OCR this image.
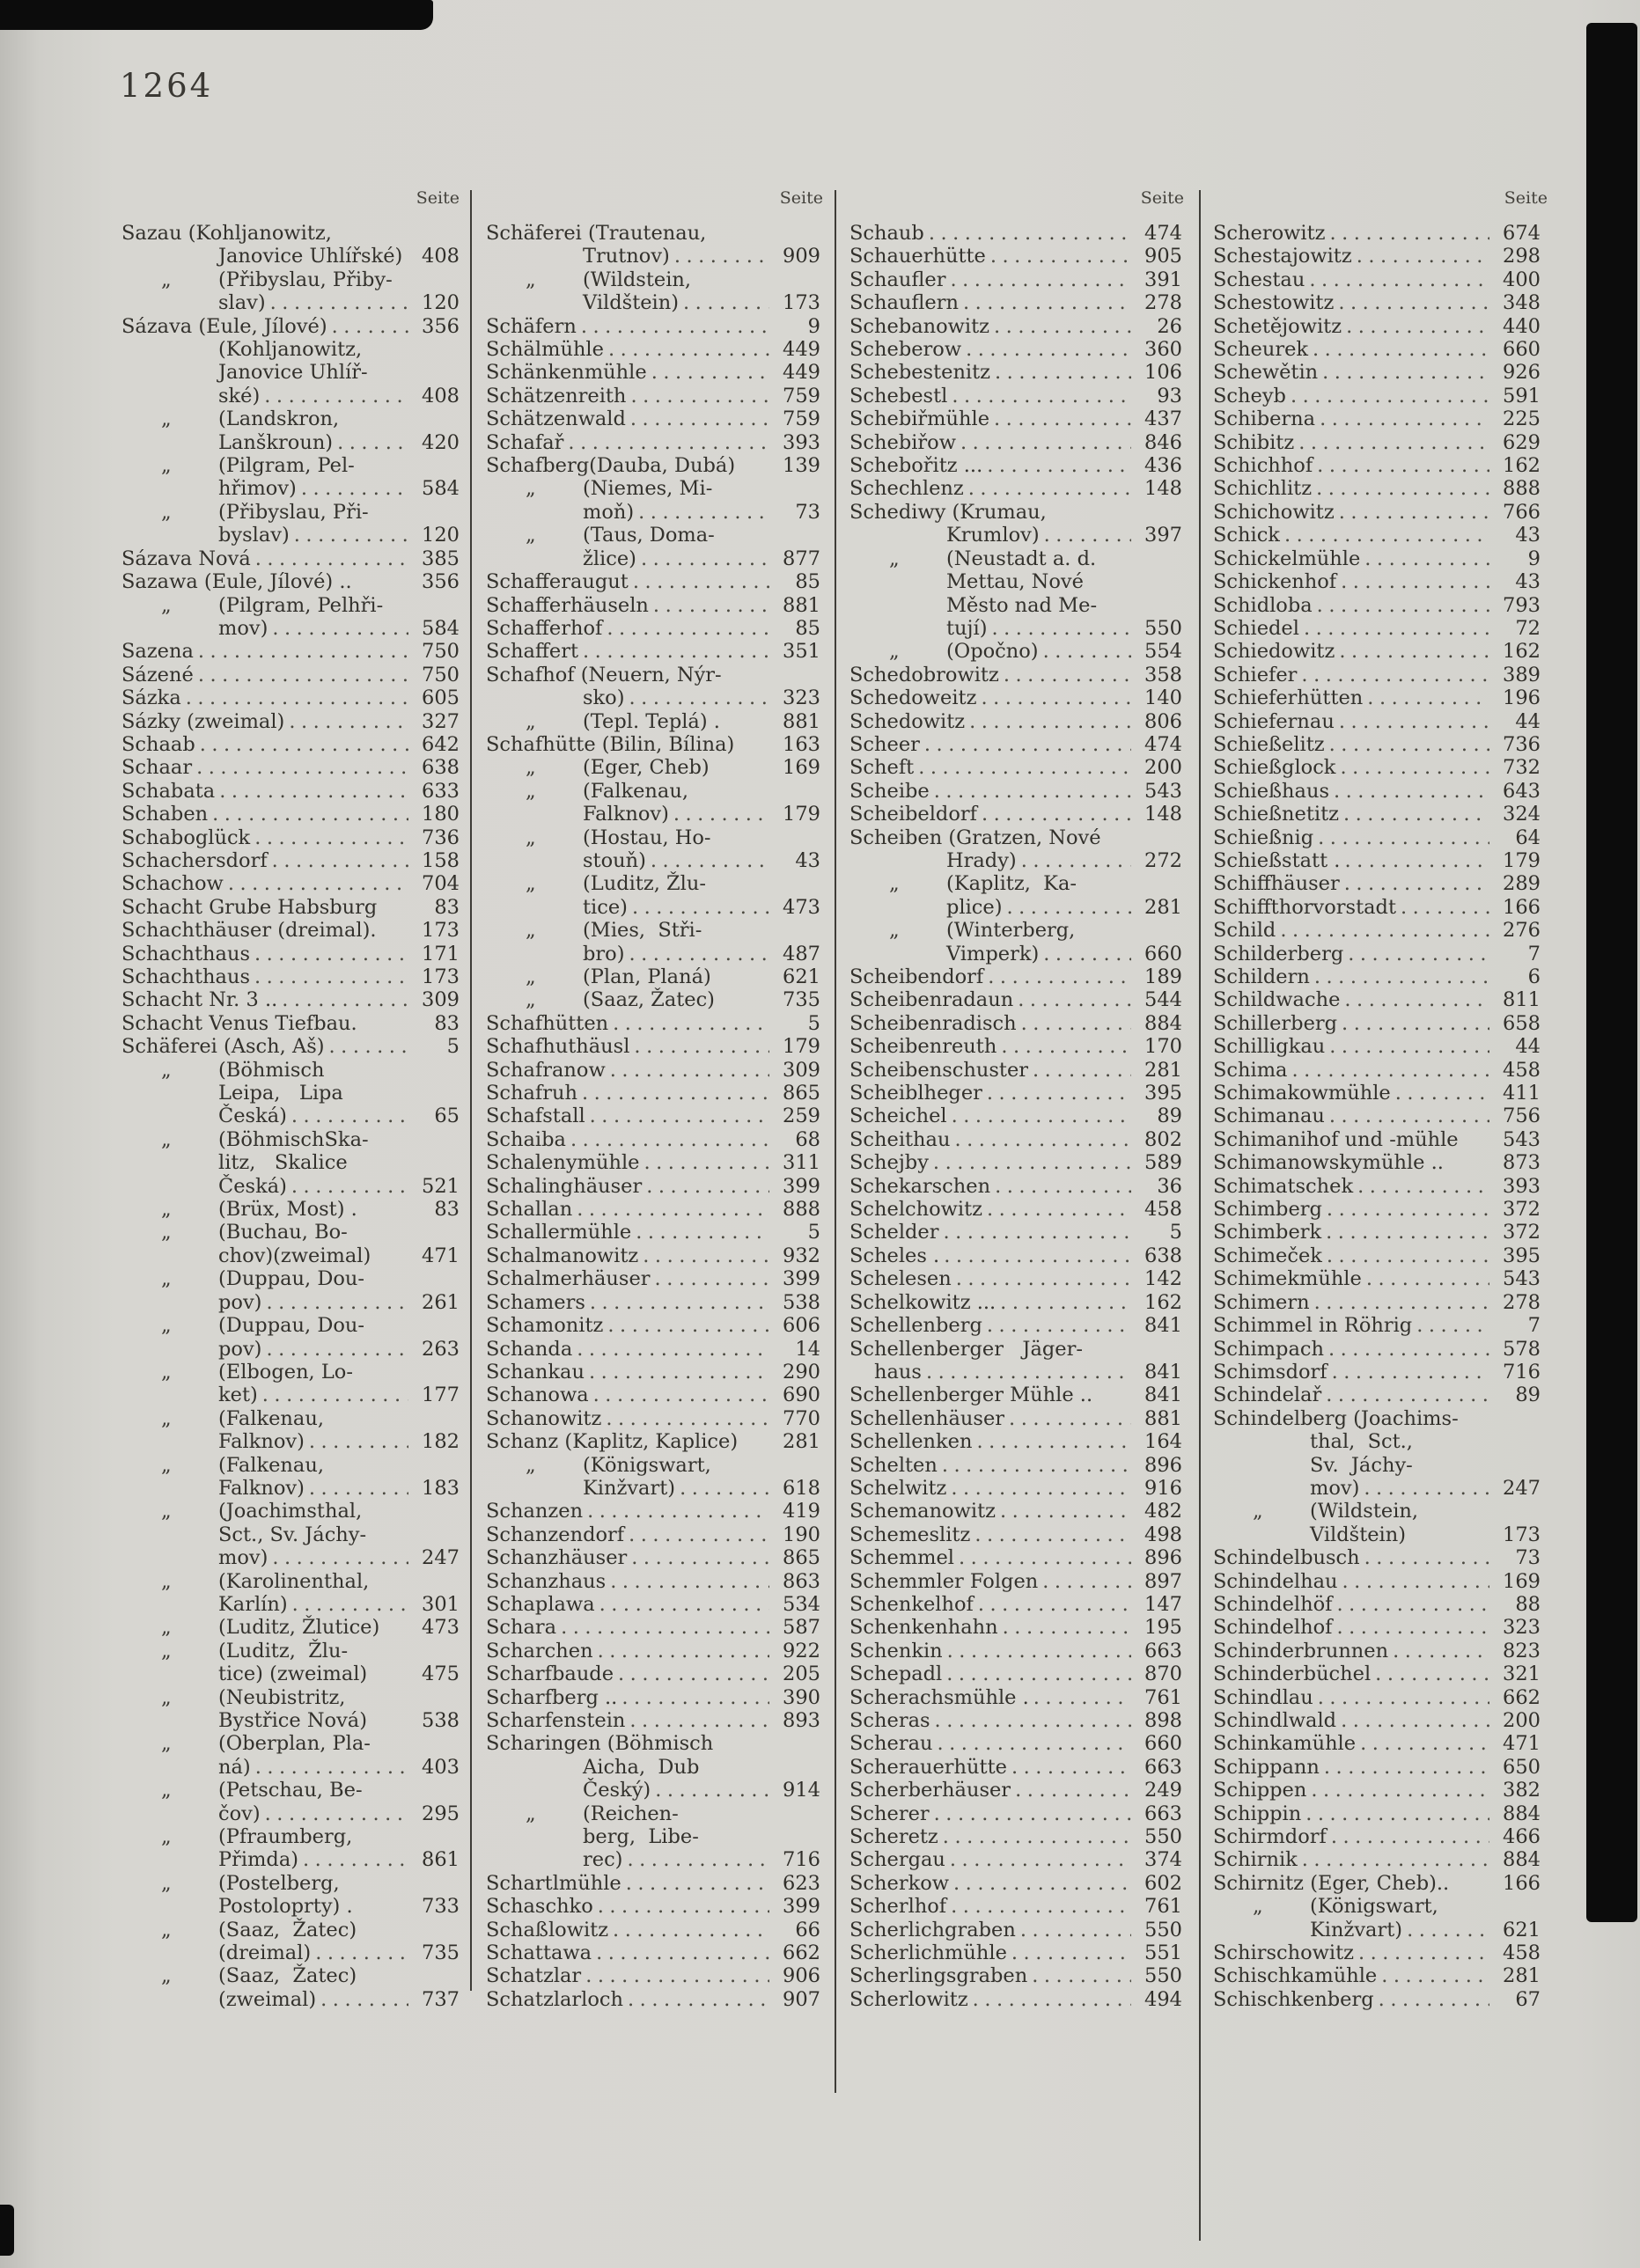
1264
Seite	Seite	Seite	Seite
Sazau (Kohljanowitz,
Janovice Uhlířské) 408
„	(Přibyslau, Přiby-
slav) .....	120
Sázava (Eule, Jílové) .....	356
(Kohljanowitz,
Janovice Uhlíř-
ské) .....	408
„	(Landskron,
Lanškroun) .....	420
„	(Pilgram, Pel-
hřimov) .....	584
„	(Přibyslau, Při-
byslav) .....	120
Sázava Nová .....	385
Sazawa (Eule, Jílové) ..	356
„	(Pilgram, Pelhři-
mov) .....	584
Sazena .....	750
Sázené .....	750
Sázka .....	605
Sázky (zweimal) .....	327
Schaab .....	642
Schaar .....	638
Schabata .....	633
Schaben .....	180
Schaboglück .....	736
Schachersdorf .....	158
Schachow .....	704
Schacht Grube Habsburg	83
Schachthäuser (dreimal).	173
Schachthaus .....	171
Schachthaus .....	173
Schacht Nr. 3 .. .....	309
Schacht Venus Tiefbau.	83
Schäferei (Asch, Aš) .....	5
„	(Böhmisch
Leipa,   Lipa
Česká) .....	65
„	(BöhmischSka-
litz,   Skalice
Česká) .....	521
„	(Brüx, Most) .	83
„	(Buchau, Bo-
chov)(zweimal)	471
„	(Duppau, Dou-
pov) .....	261
„	(Duppau, Dou-
pov) .....	263
„	(Elbogen, Lo-
ket) .....	177
„	(Falkenau,
Falknov) .....	182
„	(Falkenau,
Falknov) .....	183
„	(Joachimsthal,
Sct., Sv. Jáchy-
mov) .....	247
„	(Karolinenthal,
Karlín) .....	301
„	(Luditz, Žlutice)	473
„	(Luditz,  Žlu-
tice) (zweimal)	475
„	(Neubistritz,
Bystřice Nová)	538
„	(Oberplan, Pla-
ná) .....	403
„	(Petschau, Be-
čov) .....	295
„	(Pfraumberg,
Přimda) .....	861
„	(Postelberg,
Postoloprty) .	733
„	(Saaz,  Žatec)
(dreimal) .....	735
„	(Saaz,  Žatec)
(zweimal) .....	737
Schäferei (Trautenau,
Trutnov) .....	909
„	(Wildstein,
Vildštein) .....	173
Schäfern .....	9
Schälmühle .....	449
Schänkenmühle .....	449
Schätzenreith .....	759
Schätzenwald .....	759
Schafař .....	393
Schafberg(Dauba, Dubá)	139
„	(Niemes, Mi-
moň) .....	73
„	(Taus, Doma-
žlice) .....	877
Schafferaugut .....	85
Schafferhäuseln .....	881
Schafferhof .....	85
Schaffert .....	351
Schafhof (Neuern, Nýr-
sko) .....	323
„	(Tepl. Teplá) .	881
Schafhütte (Bilin, Bílina)	163
„	(Eger, Cheb)	169
„	(Falkenau,
Falknov) .....	179
„	(Hostau, Ho-
stouň) .....	43
„	(Luditz, Žlu-
tice) .....	473
„	(Mies,  Stři-
bro) .....	487
„	(Plan, Planá)	621
„	(Saaz, Žatec)	735
Schafhütten .....	5
Schafhuthäusl .....	179
Schafranow .....	309
Schafruh .....	865
Schafstall .....	259
Schaiba .....	68
Schalenymühle .....	311
Schalinghäuser .....	399
Schallan .....	888
Schallermühle .....	5
Schalmanowitz .....	932
Schalmerhäuser .....	399
Schamers .....	538
Schamonitz .....	606
Schanda .....	14
Schankau .....	290
Schanowa .....	690
Schanowitz .....	770
Schanz (Kaplitz, Kaplice)	281
„	(Königswart,
Kinžvart) .....	618
Schanzen .....	419
Schanzendorf .....	190
Schanzhäuser .....	865
Schanzhaus .....	863
Schaplawa .....	534
Schara .....	587
Scharchen .....	922
Scharfbaude .....	205
Scharfberg .. .....	390
Scharfenstein .....	893
Scharingen (Böhmisch
Aicha,  Dub
Český) .....	914
„	(Reichen-
berg,  Libe-
rec) .....	716
Schartlmühle .....	623
Schaschko .....	399
Schaßlowitz .....	66
Schattawa .....	662
Schatzlar .....	906
Schatzlarloch .....	907
Schaub .....	474
Schauerhütte .....	905
Schaufler .....	391
Schauflern .....	278
Schebanowitz .....	26
Scheberow .....	360
Schebestenitz .....	106
Schebestl .....	93
Schebiřmühle .....	437
Schebiřow .....	846
Schebořitz ... .....	436
Schechlenz .....	148
Schediwy (Krumau,
Krumlov) .....	397
„	(Neustadt a. d.
Mettau, Nové
Město nad Me-
tují) .....	550
„	(Opočno) .....	554
Schedobrowitz .....	358
Schedoweitz .....	140
Schedowitz .....	806
Scheer .....	474
Scheft .....	200
Scheibe .....	543
Scheibeldorf .....	148
Scheiben (Gratzen, Nové
Hrady) .....	272
„	(Kaplitz,  Ka-
plice) .....	281
„	(Winterberg,
Vimperk) .....	660
Scheibendorf .....	189
Scheibenradaun .....	544
Scheibenradisch .....	884
Scheibenreuth .....	170
Scheibenschuster .....	281
Scheiblheger .....	395
Scheichel .....	89
Scheithau .....	802
Schejby .....	589
Schekarschen .....	36
Schelchowitz .....	458
Schelder .....	5
Scheles . .....	638
Schelesen .....	142
Schelkowitz ... .....	162
Schellenberg .....	841
Schellenberger   Jäger-
haus .....	841
Schellenberger Mühle ..	841
Schellenhäuser .....	881
Schellenken .....	164
Schelten .....	896
Schelwitz .....	916
Schemanowitz .....	482
Schemeslitz .....	498
Schemmel .....	896
Schemmler Folgen .....	897
Schenkelhof .....	147
Schenkenhahn .....	195
Schenkin .....	663
Schepadl .....	870
Scherachsmühle . .....	761
Scheras .....	898
Scherau .....	660
Scherauerhütte .....	663
Scherberhäuser .....	249
Scherer .....	663
Scheretz .....	550
Schergau .....	374
Scherkow .....	602
Scherlhof .....	761
Scherlichgraben .....	550
Scherlichmühle .....	551
Scherlingsgraben .....	550
Scherlowitz .....	494
Scherowitz .....	674
Schestajowitz .....	298
Schestau .....	400
Schestowitz .....	348
Schetějowitz .....	440
Scheurek .....	660
Schewětin .....	926
Scheyb .....	591
Schiberna .....	225
Schibitz .....	629
Schichhof .....	162
Schichlitz .....	888
Schichowitz .....	766
Schick .....	43
Schickelmühle .....	9
Schickenhof .....	43
Schidloba .....	793
Schiedel .....	72
Schiedowitz .....	162
Schiefer .....	389
Schieferhütten .....	196
Schiefernau .....	44
Schießelitz .....	736
Schießglock .....	732
Schießhaus .....	643
Schießnetitz .....	324
Schießnig .....	64
Schießstatt . .....	179
Schiffhäuser .....	289
Schiffthorvorstadt .....	166
Schild .....	276
Schilderberg .....	7
Schildern .....	6
Schildwache .....	811
Schillerberg .....	658
Schilligkau .....	44
Schima .....	458
Schimakowmühle .....	411
Schimanau .....	756
Schimanihof und -mühle	543
Schimanowskymühle ..	873
Schimatschek .....	393
Schimberg .....	372
Schimberk .....	372
Schimeček .....	395
Schimekmühle .....	543
Schimern .....	278
Schimmel in Röhrig .....	7
Schimpach .....	578
Schimsdorf .....	716
Schindelař .....	89
Schindelberg (Joachims-
thal,  Sct.,
Sv.  Jáchy-
mov) .....	247
„	(Wildstein,
Vildštein)	173
Schindelbusch .....	73
Schindelhau .....	169
Schindelhöf .....	88
Schindelhof .....	323
Schinderbrunnen .....	823
Schinderbüchel .....	321
Schindlau .....	662
Schindlwald .....	200
Schinkamühle .....	471
Schippann .....	650
Schippen .....	382
Schippin .....	884
Schirmdorf .....	466
Schirnik .....	884
Schirnitz (Eger, Cheb)..	166
„	(Königswart,
Kinžvart) .....	621
Schirschowitz .....	458
Schischkamühle .....	281
Schischkenberg .....	67
